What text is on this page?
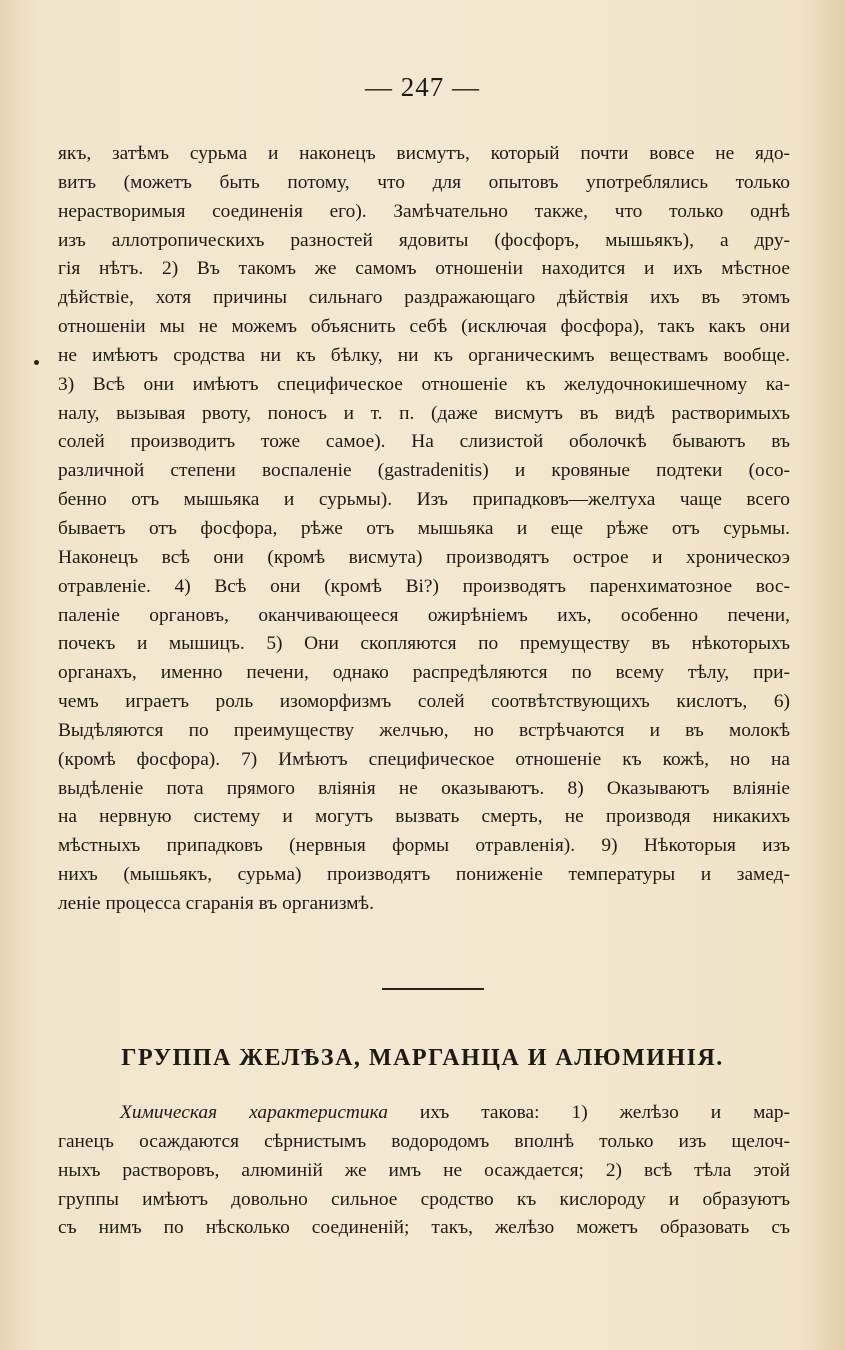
— 247 —
якъ, затѣмъ сурьма и наконецъ висмутъ, который почти вовсе не ядо-
витъ (можетъ быть потому, что для опытовъ употреблялись только
нерастворимыя соединенія его). Замѣчательно также, что только однѣ
изъ аллотропическихъ разностей ядовиты (фосфоръ, мышьякъ), а дру-
гія нѣтъ. 2) Въ такомъ же самомъ отношеніи находится и ихъ мѣстное
дѣйствіе, хотя причины сильнаго раздражающаго дѣйствія ихъ въ этомъ
отношеніи мы не можемъ объяснить себѣ (исключая фосфора), такъ какъ они
не имѣютъ сродства ни къ бѣлку, ни къ органическимъ веществамъ вообще.
3) Всѣ они имѣютъ специфическое отношеніе къ желудочнокишечному ка-
налу, вызывая рвоту, поносъ и т. п. (даже висмутъ въ видѣ растворимыхъ
солей производитъ тоже самое). На слизистой оболочкѣ бываютъ въ
различной степени воспаленіе (gastradenitis) и кровяные подтеки (осо-
бенно отъ мышьяка и сурьмы). Изъ припадковъ—желтуха чаще всего
бываетъ отъ фосфора, рѣже отъ мышьяка и еще рѣже отъ сурьмы.
Наконецъ всѣ они (кромѣ висмута) производятъ острое и хроническоэ
отравленіе. 4) Всѣ они (кромѣ Bi?) производятъ паренхиматозное вос-
паленіе органовъ, оканчивающееся ожирѣніемъ ихъ, особенно печени,
почекъ и мышицъ. 5) Они скопляются по премуществу въ нѣкоторыхъ
органахъ, именно печени, однако распредѣляются по всему тѣлу, при-
чемъ играетъ роль изоморфизмъ солей соотвѣтствующихъ кислотъ, 6)
Выдѣляются по преимуществу желчью, но встрѣчаются и въ молокѣ
(кромѣ фосфора). 7) Имѣютъ специфическое отношеніе къ кожѣ, но на
выдѣленіе пота прямого вліянія не оказываютъ. 8) Оказываютъ вліяніе
на нервную систему и могутъ вызвать смерть, не производя никакихъ
мѣстныхъ припадковъ (нервныя формы отравленія). 9) Нѣкоторыя изъ
нихъ (мышьякъ, сурьма) производятъ пониженіе температуры и замед-
леніе процесса сгаранія въ организмѣ.
ГРУППА ЖЕЛѢЗА, МАРГАНЦА И АЛЮМИНІЯ.
Химическая характеристика ихъ такова: 1) желѣзо и мар-
ганецъ осаждаются сѣрнистымъ водородомъ вполнѣ только изъ щелоч-
ныхъ растворовъ, алюминій же имъ не осаждается; 2) всѣ тѣла этой
группы имѣютъ довольно сильное сродство къ кислороду и образуютъ
съ нимъ по нѣсколько соединеній; такъ, желѣзо можетъ образовать съ
